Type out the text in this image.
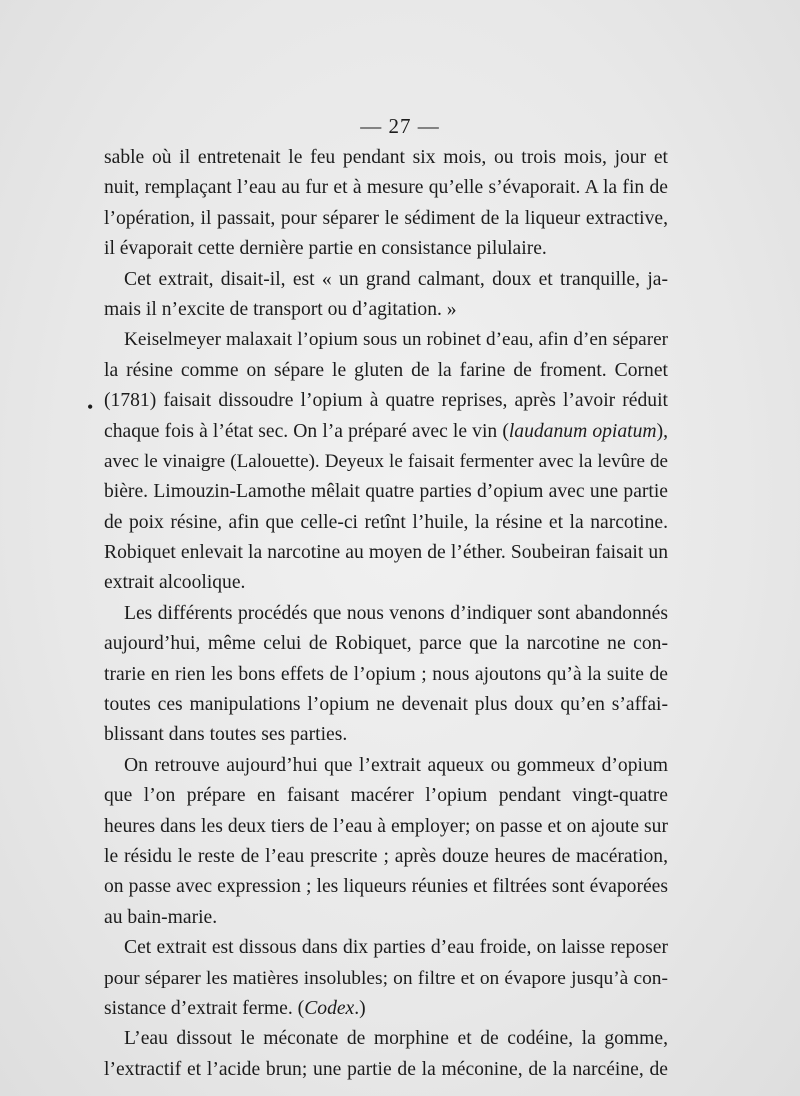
— 27 —
•
sable où il entretenait le feu pendant six mois, ou trois mois, jour et
nuit, remplaçant l’eau au fur et à mesure qu’elle s’évaporait. A la fin de
l’opération, il passait, pour séparer le sédiment de la liqueur extractive,
il évaporait cette dernière partie en consistance pilulaire.
Cet extrait, disait-il, est « un grand calmant, doux et tranquille, ja-
mais il n’excite de transport ou d’agitation. »
Keiselmeyer malaxait l’opium sous un robinet d’eau, afin d’en séparer
la résine comme on sépare le gluten de la farine de froment. Cornet
(1781) faisait dissoudre l’opium à quatre reprises, après l’avoir réduit
chaque fois à l’état sec. On l’a préparé avec le vin (laudanum opiatum),
avec le vinaigre (Lalouette). Deyeux le faisait fermenter avec la levûre de
bière. Limouzin-Lamothe mêlait quatre parties d’opium avec une partie
de poix résine, afin que celle-ci retînt l’huile, la résine et la narcotine.
Robiquet enlevait la narcotine au moyen de l’éther. Soubeiran faisait un
extrait alcoolique.
Les différents procédés que nous venons d’indiquer sont abandonnés
aujourd’hui, même celui de Robiquet, parce que la narcotine ne con-
trarie en rien les bons effets de l’opium ; nous ajoutons qu’à la suite de
toutes ces manipulations l’opium ne devenait plus doux qu’en s’affai-
blissant dans toutes ses parties.
On retrouve aujourd’hui que l’extrait aqueux ou gommeux d’opium
que l’on prépare en faisant macérer l’opium pendant vingt-quatre
heures dans les deux tiers de l’eau à employer; on passe et on ajoute sur
le résidu le reste de l’eau prescrite ; après douze heures de macération,
on passe avec expression ; les liqueurs réunies et filtrées sont évaporées
au bain-marie.
Cet extrait est dissous dans dix parties d’eau froide, on laisse reposer
pour séparer les matières insolubles; on filtre et on évapore jusqu’à con-
sistance d’extrait ferme. (Codex.)
L’eau dissout le méconate de morphine et de codéine, la gomme,
l’extractif et l’acide brun; une partie de la méconine, de la narcéine, de
